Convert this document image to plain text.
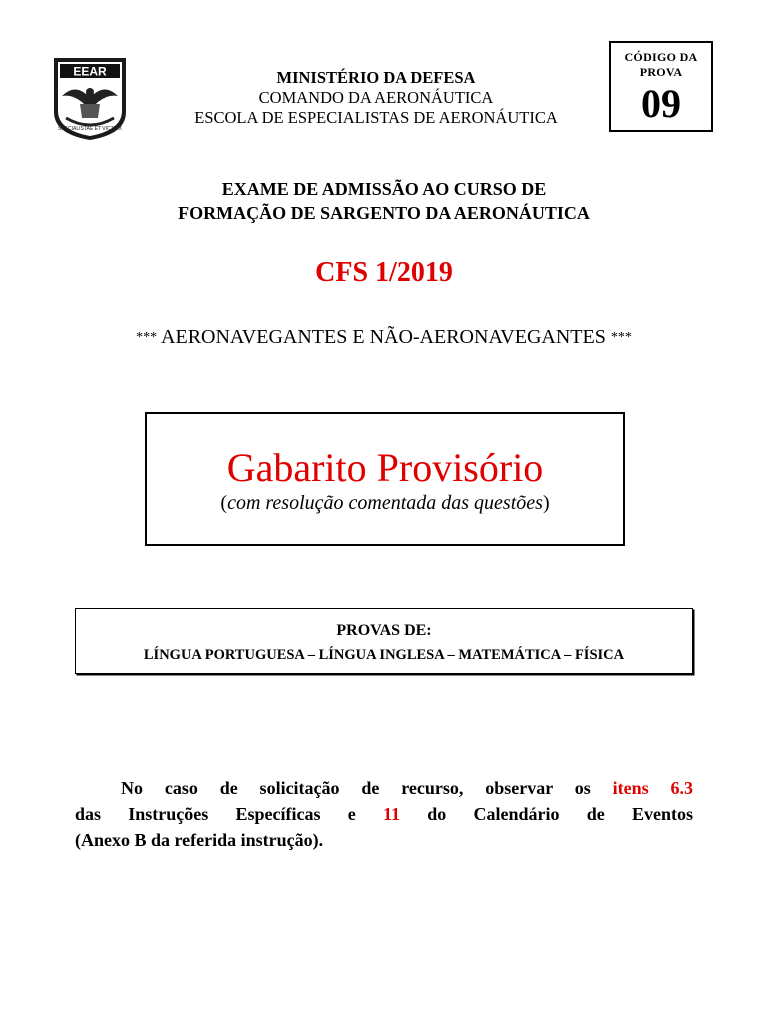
EEAR
SPECIALISTAE ET VICTRIX
MINISTÉRIO DA DEFESA
COMANDO DA AERONÁUTICA
ESCOLA DE ESPECIALISTAS DE AERONÁUTICA
CÓDIGO DA
PROVA
09
EXAME DE ADMISSÃO AO CURSO DE
FORMAÇÃO DE SARGENTO DA AERONÁUTICA
CFS 1/2019
*** AERONAVEGANTES E NÃO-AERONAVEGANTES ***
Gabarito Provisório
(com resolução comentada das questões)
PROVAS DE:
LÍNGUA PORTUGUESA – LÍNGUA INGLESA – MATEMÁTICA – FÍSICA
No caso de solicitação de recurso, observar os itens 6.3
das Instruções Específicas e 11 do Calendário de Eventos
(Anexo B da referida instrução).
